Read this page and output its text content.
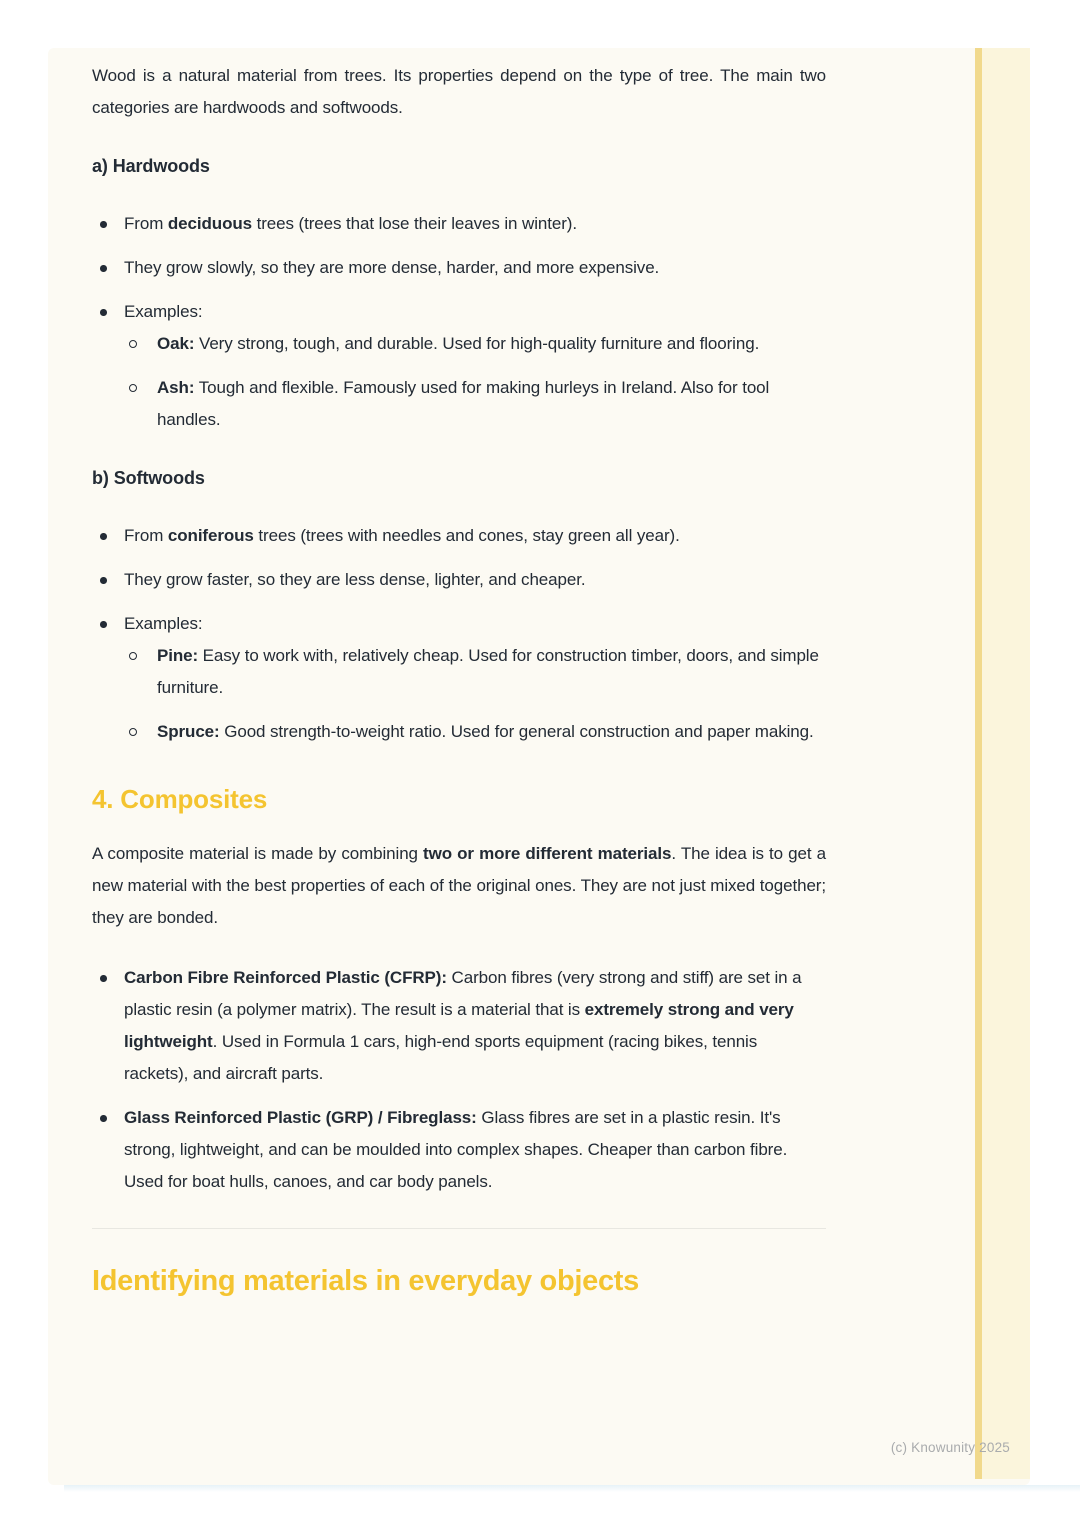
Wood is a natural material from trees. Its properties depend on the type of tree. The main two categories are hardwoods and softwoods.

a) Hardwoods
From deciduous trees (trees that lose their leaves in winter).
They grow slowly, so they are more dense, harder, and more expensive.
Examples:
Oak: Very strong, tough, and durable. Used for high-quality furniture and flooring.
Ash: Tough and flexible. Famously used for making hurleys in Ireland. Also for tool handles.
b) Softwoods
From coniferous trees (trees with needles and cones, stay green all year).
They grow faster, so they are less dense, lighter, and cheaper.
Examples:
Pine: Easy to work with, relatively cheap. Used for construction timber, doors, and simple furniture.
Spruce: Good strength-to-weight ratio. Used for general construction and paper making.
4. Composites

A composite material is made by combining two or more different materials. The idea is to get a new material with the best properties of each of the original ones. They are not just mixed together; they are bonded.

Carbon Fibre Reinforced Plastic (CFRP): Carbon fibres (very strong and stiff) are set in a plastic resin (a polymer matrix). The result is a material that is extremely strong and very lightweight. Used in Formula 1 cars, high-end sports equipment (racing bikes, tennis rackets), and aircraft parts.
Glass Reinforced Plastic (GRP) / Fibreglass: Glass fibres are set in a plastic resin. It's strong, lightweight, and can be moulded into complex shapes. Cheaper than carbon fibre. Used for boat hulls, canoes, and car body panels.
Identifying materials in everyday objects
(c) Knowunity 2025
